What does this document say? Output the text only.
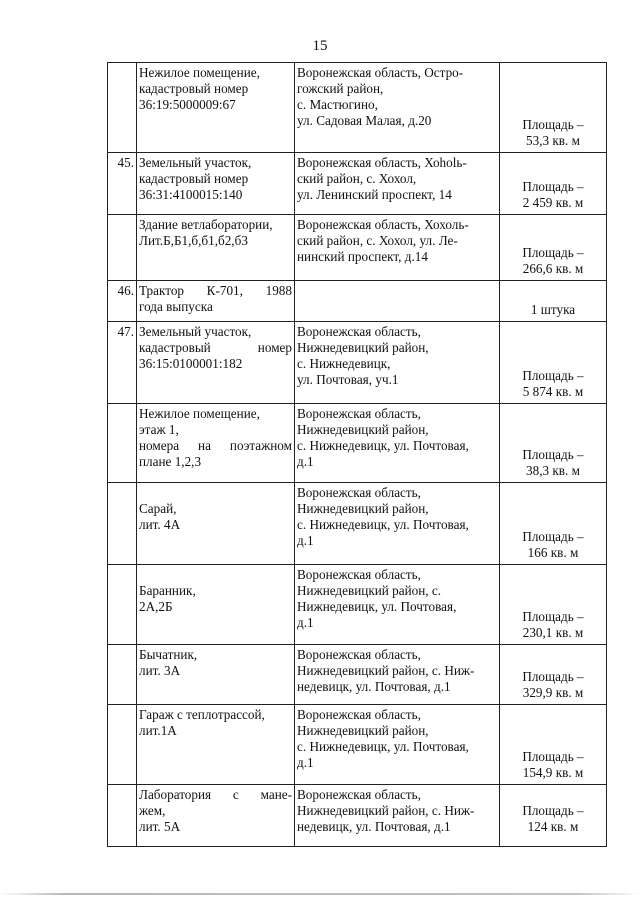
15

	Нежилое помещение,
кадастровый номер
36:19:5000009:67	Воронежская область, Остро-
гожский район,
с. Мастюгино,
ул. Садовая Малая, д.20	Площадь –
53,3 кв. м

45.	Земельный участок,
кадастровый номер
36:31:4100015:140	Воронежская область, Хоholь-
ский район, с. Хохол,
ул. Ленинский проспект, 14	Площадь –
2 459 кв. м

	Здание ветлаборатории,
Лит.Б,Б1,б,б1,б2,б3	Воронежская область, Хохоль-
ский район, с. Хохол, ул. Ле-
нинский проспект, д.14	Площадь –
266,6 кв. м

46.	Трактор К-701, 1988
года выпуска		1 штука

47.	Земельный участок,
кадастровый номер
36:15:0100001:182	Воронежская область,
Нижнедевицкий район,
с. Нижнедевицк,
ул. Почтовая, уч.1	Площадь –
5 874 кв. м

	Нежилое помещение,
этаж 1,
номера на поэтажном
плане 1,2,3	Воронежская область,
Нижнедевицкий район,
с. Нижнедевицк, ул. Почтовая,
д.1	Площадь –
38,3 кв. м

	Сарай,
лит. 4А	Воронежская область,
Нижнедевицкий район,
с. Нижнедевицк, ул. Почтовая,
д.1	Площадь –
166 кв. м

	Баранник,
2А,2Б	Воронежская область,
Нижнедевицкий район, с.
Нижнедевицк, ул. Почтовая,
д.1	Площадь –
230,1 кв. м

	Бычатник,
лит. 3А	Воронежская область,
Нижнедевицкий район, с. Ниж-
недевицк, ул. Почтовая, д.1	Площадь –
329,9 кв. м

	Гараж с теплотрассой,
лит.1А	Воронежская область,
Нижнедевицкий район,
с. Нижнедевицк, ул. Почтовая,
д.1	Площадь –
154,9 кв. м

	Лаборатория с мане-
жем,
лит. 5А	Воронежская область,
Нижнедевицкий район, с. Ниж-
недевицк, ул. Почтовая, д.1	Площадь –
124 кв. м
